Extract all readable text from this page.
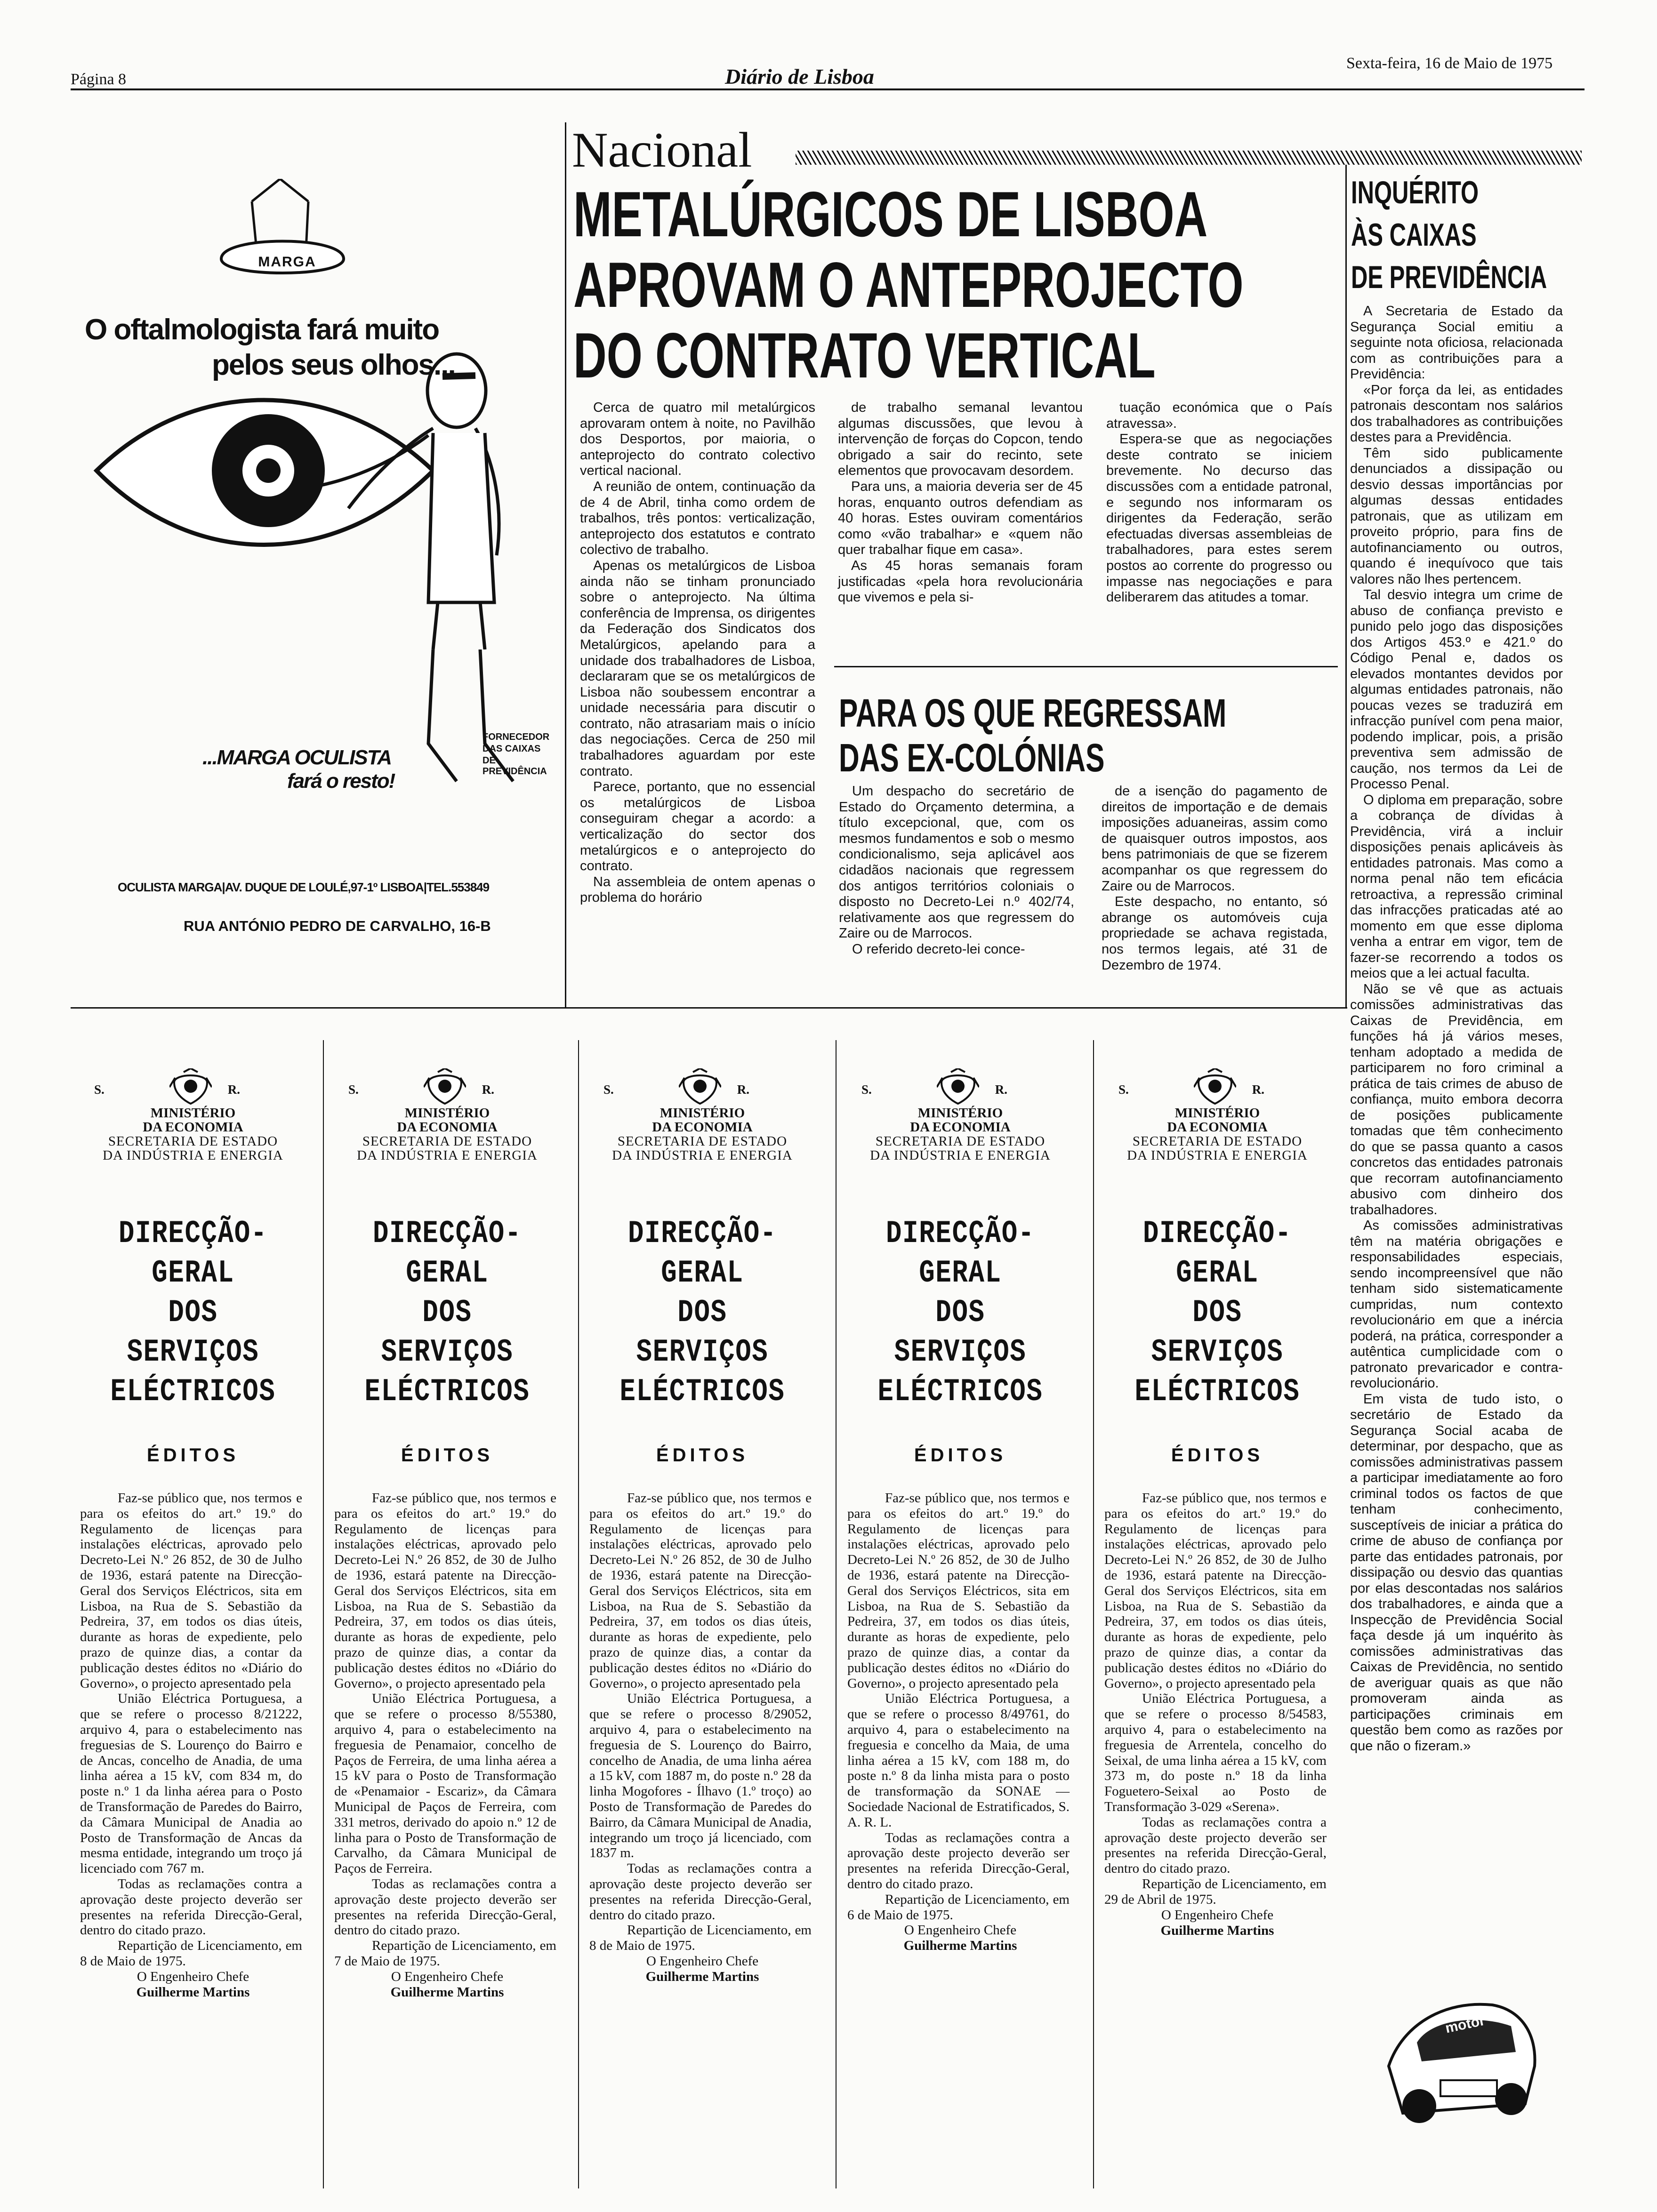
Página 8	Diário de Lisboa
Sexta-feira, 16 de Maio de 1975
MARGA
O oftalmologista fará muito
pelos seus olhos...
...MARGA OCULISTA
fará o resto!
FORNECEDOR
DAS CAIXAS
DE PREVIDÊNCIA
OCULISTA MARGA|AV. DUQUE DE LOULÉ,97-1º LISBOA|TEL.553849
RUA ANTÓNIO PEDRO DE CARVALHO, 16-B
Nacional
METALÚRGICOS DE LISBOA
APROVAM O ANTEPROJECTO
DO CONTRATO VERTICAL

Cerca de quatro mil metalúrgicos aprovaram ontem à noite, no Pavilhão dos Desportos, por maioria, o anteprojecto do contrato colectivo vertical nacional.

A reunião de ontem, continuação da de 4 de Abril, tinha como ordem de trabalhos, três pontos: verticalização, anteprojecto dos estatutos e contrato colectivo de trabalho.

Apenas os metalúrgicos de Lisboa ainda não se tinham pronunciado sobre o anteprojecto. Na última conferência de Imprensa, os dirigentes da Federação dos Sindicatos dos Metalúrgicos, apelando para a unidade dos trabalhadores de Lisboa, declararam que se os metalúrgicos de Lisboa não soubessem encontrar a unidade necessária para discutir o contrato, não atrasariam mais o início das negociações. Cerca de 250 mil trabalhadores aguardam por este contrato.

Parece, portanto, que no essencial os metalúrgicos de Lisboa conseguiram chegar a acordo: a verticalização do sector dos metalúrgicos e o anteprojecto do contrato.

Na assembleia de ontem apenas o problema do horário

de trabalho semanal levantou algumas discussões, que levou à intervenção de forças do Copcon, tendo obrigado a sair do recinto, sete elementos que provocavam desordem.

Para uns, a maioria deveria ser de 45 horas, enquanto outros defendiam as 40 horas. Estes ouviram comentários como «vão trabalhar» e «quem não quer trabalhar fique em casa».

As 45 horas semanais foram justificadas «pela hora revolucionária que vivemos e pela si-

tuação económica que o País atravessa».

Espera-se que as negociações deste contrato se iniciem brevemente. No decurso das discussões com a entidade patronal, e segundo nos informaram os dirigentes da Federação, serão efectuadas diversas assembleias de trabalhadores, para estes serem postos ao corrente do progresso ou impasse nas negociações e para deliberarem das atitudes a tomar.

PARA OS QUE REGRESSAM
DAS EX-COLÓNIAS

Um despacho do secretário de Estado do Orçamento determina, a título excepcional, que, com os mesmos fundamentos e sob o mesmo condicionalismo, seja aplicável aos cidadãos nacionais que regressem dos antigos territórios coloniais o disposto no Decreto-Lei n.º 402/74, relativamente aos que regressem do Zaire ou de Marrocos.

O referido decreto-lei conce-

de a isenção do pagamento de direitos de importação e de demais imposições aduaneiras, assim como de quaisquer outros impostos, aos bens patrimoniais de que se fizerem acompanhar os que regressem do Zaire ou de Marrocos.

Este despacho, no entanto, só abrange os automóveis cuja propriedade se achava registada, nos termos legais, até 31 de Dezembro de 1974.

INQUÉRITO
ÀS CAIXAS
DE PREVIDÊNCIA

A Secretaria de Estado da Segurança Social emitiu a seguinte nota oficiosa, relacionada com as contribuições para a Previdência:

«Por força da lei, as entidades patronais descontam nos salários dos trabalhadores as contribuições destes para a Previdência.

Têm sido publicamente denunciados a dissipação ou desvio dessas importâncias por algumas dessas entidades patronais, que as utilizam em proveito próprio, para fins de autofinanciamento ou outros, quando é inequívoco que tais valores não lhes pertencem.

Tal desvio integra um crime de abuso de confiança previsto e punido pelo jogo das disposições dos Artigos 453.º e 421.º do Código Penal e, dados os elevados montantes devidos por algumas entidades patronais, não poucas vezes se traduzirá em infracção punível com pena maior, podendo implicar, pois, a prisão preventiva sem admissão de caução, nos termos da Lei de Processo Penal.

O diploma em preparação, sobre a cobrança de dívidas à Previdência, virá a incluir disposições penais aplicáveis às entidades patronais. Mas como a norma penal não tem eficácia retroactiva, a repressão criminal das infracções praticadas até ao momento em que esse diploma venha a entrar em vigor, tem de fazer-se recorrendo a todos os meios que a lei actual faculta.

Não se vê que as actuais comissões administrativas das Caixas de Previdência, em funções há já vários meses, tenham adoptado a medida de participarem no foro criminal a prática de tais crimes de abuso de confiança, muito embora decorra de posições publicamente tomadas que têm conhecimento do que se passa quanto a casos concretos das entidades patronais que recorram autofinanciamento abusivo com dinheiro dos trabalhadores.

As comissões administrativas têm na matéria obrigações e responsabilidades especiais, sendo incompreensível que não tenham sido sistematicamente cumpridas, num contexto revolucionário em que a inércia poderá, na prática, corresponder a autêntica cumplicidade com o patronato prevaricador e contra-revolucionário.

Em vista de tudo isto, o secretário de Estado da Segurança Social acaba de determinar, por despacho, que as comissões administrativas passem a participar imediatamente ao foro criminal todos os factos de que tenham conhecimento, susceptíveis de iniciar a prática do crime de abuso de confiança por parte das entidades patronais, por dissipação ou desvio das quantias por elas descontadas nos salários dos trabalhadores, e ainda que a Inspecção de Previdência Social faça desde já um inquérito às comissões administrativas das Caixas de Previdência, no sentido de averiguar quais as que não promoveram ainda as participações criminais em questão bem como as razões por que não o fizeram.»

motor
S.	R.
MINISTÉRIO
DA ECONOMIA
SECRETARIA DE ESTADO
DA INDÚSTRIA E ENERGIA
DIRECÇÃO-GERAL
DOS SERVIÇOS
ELÉCTRICOS
ÉDITOS
Faz-se público que, nos termos e para os efeitos do art.º 19.º do Regulamento de licenças para instalações eléctricas, aprovado pelo Decreto-Lei N.º 26 852, de 30 de Julho de 1936, estará patente na Direcção-Geral dos Serviços Eléctricos, sita em Lisboa, na Rua de S. Sebastião da Pedreira, 37, em todos os dias úteis, durante as horas de expediente, pelo prazo de quinze dias, a contar da publicação destes éditos no «Diário do Governo», o projecto apresentado pela
União Eléctrica Portuguesa, a que se refere o processo 8/21222, arquivo 4, para o estabelecimento nas freguesias de S. Lourenço do Bairro e de Ancas, concelho de Anadia, de uma linha aérea a 15 kV, com 834 m, do poste n.º 1 da linha aérea para o Posto de Transformação de Paredes do Bairro, da Câmara Municipal de Anadia ao Posto de Transformação de Ancas da mesma entidade, integrando um troço já licenciado com 767 m.
Todas as reclamações contra a aprovação deste projecto deverão ser presentes na referida Direcção-Geral, dentro do citado prazo.
Repartição de Licenciamento, em 8 de Maio de 1975.
O Engenheiro Chefe
Guilherme Martins
S.	R.
MINISTÉRIO
DA ECONOMIA
SECRETARIA DE ESTADO
DA INDÚSTRIA E ENERGIA
DIRECÇÃO-GERAL
DOS SERVIÇOS
ELÉCTRICOS
ÉDITOS
Faz-se público que, nos termos e para os efeitos do art.º 19.º do Regulamento de licenças para instalações eléctricas, aprovado pelo Decreto-Lei N.º 26 852, de 30 de Julho de 1936, estará patente na Direcção-Geral dos Serviços Eléctricos, sita em Lisboa, na Rua de S. Sebastião da Pedreira, 37, em todos os dias úteis, durante as horas de expediente, pelo prazo de quinze dias, a contar da publicação destes éditos no «Diário do Governo», o projecto apresentado pela
União Eléctrica Portuguesa, a que se refere o processo 8/55380, arquivo 4, para o estabelecimento na freguesia de Penamaior, concelho de Paços de Ferreira, de uma linha aérea a 15 kV para o Posto de Transformação de «Penamaior - Escariz», da Câmara Municipal de Paços de Ferreira, com 331 metros, derivado do apoio n.º 12 de linha para o Posto de Transformação de Carvalho, da Câmara Municipal de Paços de Ferreira.
Todas as reclamações contra a aprovação deste projecto deverão ser presentes na referida Direcção-Geral, dentro do citado prazo.
Repartição de Licenciamento, em 7 de Maio de 1975.
O Engenheiro Chefe
Guilherme Martins
S.	R.
MINISTÉRIO
DA ECONOMIA
SECRETARIA DE ESTADO
DA INDÚSTRIA E ENERGIA
DIRECÇÃO-GERAL
DOS SERVIÇOS
ELÉCTRICOS
ÉDITOS
Faz-se público que, nos termos e para os efeitos do art.º 19.º do Regulamento de licenças para instalações eléctricas, aprovado pelo Decreto-Lei N.º 26 852, de 30 de Julho de 1936, estará patente na Direcção-Geral dos Serviços Eléctricos, sita em Lisboa, na Rua de S. Sebastião da Pedreira, 37, em todos os dias úteis, durante as horas de expediente, pelo prazo de quinze dias, a contar da publicação destes éditos no «Diário do Governo», o projecto apresentado pela
União Eléctrica Portuguesa, a que se refere o processo 8/29052, arquivo 4, para o estabelecimento na freguesia de S. Lourenço do Bairro, concelho de Anadia, de uma linha aérea a 15 kV, com 1887 m, do poste n.º 28 da linha Mogofores - Ílhavo (1.º troço) ao Posto de Transformação de Paredes do Bairro, da Câmara Municipal de Anadia, integrando um troço já licenciado, com 1837 m.
Todas as reclamações contra a aprovação deste projecto deverão ser presentes na referida Direcção-Geral, dentro do citado prazo.
Repartição de Licenciamento, em 8 de Maio de 1975.
O Engenheiro Chefe
Guilherme Martins
S.	R.
MINISTÉRIO
DA ECONOMIA
SECRETARIA DE ESTADO
DA INDÚSTRIA E ENERGIA
DIRECÇÃO-GERAL
DOS SERVIÇOS
ELÉCTRICOS
ÉDITOS
Faz-se público que, nos termos e para os efeitos do art.º 19.º do Regulamento de licenças para instalações eléctricas, aprovado pelo Decreto-Lei N.º 26 852, de 30 de Julho de 1936, estará patente na Direcção-Geral dos Serviços Eléctricos, sita em Lisboa, na Rua de S. Sebastião da Pedreira, 37, em todos os dias úteis, durante as horas de expediente, pelo prazo de quinze dias, a contar da publicação destes éditos no «Diário do Governo», o projecto apresentado pela
União Eléctrica Portuguesa, a que se refere o processo 8/49761, do arquivo 4, para o estabelecimento na freguesia e concelho da Maia, de uma linha aérea a 15 kV, com 188 m, do poste n.º 8 da linha mista para o posto de transformação da SONAE — Sociedade Nacional de Estratificados, S. A. R. L.
Todas as reclamações contra a aprovação deste projecto deverão ser presentes na referida Direcção-Geral, dentro do citado prazo.
Repartição de Licenciamento, em 6 de Maio de 1975.
O Engenheiro Chefe
Guilherme Martins
S.	R.
MINISTÉRIO
DA ECONOMIA
SECRETARIA DE ESTADO
DA INDÚSTRIA E ENERGIA
DIRECÇÃO-GERAL
DOS SERVIÇOS
ELÉCTRICOS
ÉDITOS
Faz-se público que, nos termos e para os efeitos do art.º 19.º do Regulamento de licenças para instalações eléctricas, aprovado pelo Decreto-Lei N.º 26 852, de 30 de Julho de 1936, estará patente na Direcção-Geral dos Serviços Eléctricos, sita em Lisboa, na Rua de S. Sebastião da Pedreira, 37, em todos os dias úteis, durante as horas de expediente, pelo prazo de quinze dias, a contar da publicação destes éditos no «Diário do Governo», o projecto apresentado pela
União Eléctrica Portuguesa, a que se refere o processo 8/54583, arquivo 4, para o estabelecimento na freguesia de Arrentela, concelho do Seixal, de uma linha aérea a 15 kV, com 373 m, do poste n.º 18 da linha Foguetero-Seixal ao Posto de Transformação 3-029 «Serena».
Todas as reclamações contra a aprovação deste projecto deverão ser presentes na referida Direcção-Geral, dentro do citado prazo.
Repartição de Licenciamento, em 29 de Abril de 1975.
O Engenheiro Chefe
Guilherme Martins
